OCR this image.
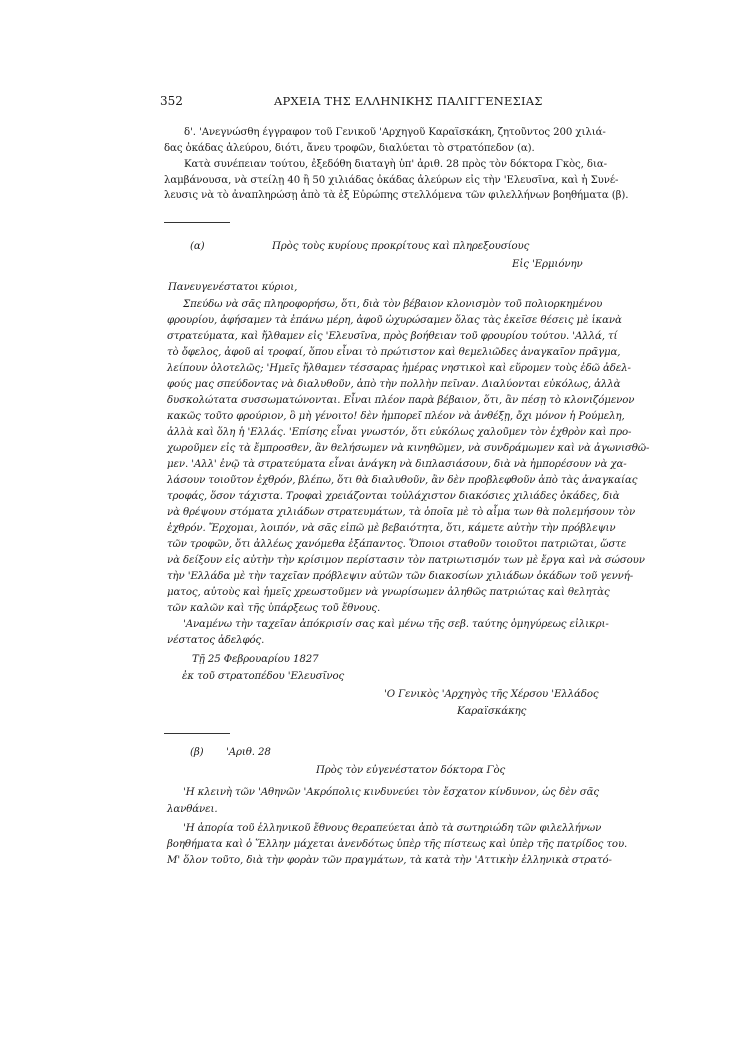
352	ΑΡΧΕΙΑ ΤΗΣ ΕΛΛΗΝΙΚΗΣ ΠΑΛΙΓΓΕΝΕΣΙΑΣ

δ'. 'Ανεγνώσθη έγγραφον τοῦ Γενικοῦ 'Αρχηγοῦ Καραϊσκάκη, ζητοῦντος 200 χιλιά-

δας ὀκάδας ἀλεύρου, διότι, ἄνευ τροφῶν, διαλύεται τὸ στρατόπεδον (α).

Κατὰ συνέπειαν τούτου, ἐξεδόθη διαταγὴ ὑπ' ἀριθ. 28 πρὸς τὸν δόκτορα Γκὸς, δια-

λαμβάνουσα, νὰ στείλῃ 40 ἢ 50 χιλιάδας ὀκάδας ἀλεύρων εἰς τὴν 'Ελευσῖνα, καὶ ἡ Συνέ-

λευσις νὰ τὸ ἀναπληρώσῃ ἀπὸ τὰ ἐξ Εὐρώπης στελλόμενα τῶν φιλελλήνων βοηθήματα (β).

(α)	Πρὸς τοὺς κυρίους προκρίτους καὶ πληρεξουσίους
Εἰς 'Ερμιόνην
Πανευγενέστατοι κύριοι,

Σπεύδω νὰ σᾶς πληροφορήσω, ὅτι, διὰ τὸν βέβαιον κλονισμὸν τοῦ πολιορκημένου

φρουρίου, ἀφήσαμεν τὰ ἐπάνω μέρη, ἀφοῦ ὠχυρώσαμεν ὅλας τὰς ἐκεῖσε θέσεις μὲ ἱκανὰ

στρατεύματα, καὶ ἤλθαμεν εἰς 'Ελευσῖνα, πρὸς βοήθειαν τοῦ φρουρίου τούτου. 'Αλλά, τί

τὸ ὄφελος, ἀφοῦ αἱ τροφαί, ὅπου εἶναι τὸ πρώτιστον καὶ θεμελιῶδες ἀναγκαῖον πρᾶγμα,

λείπουν ὁλοτελῶς; 'Ημεῖς ἤλθαμεν τέσσαρας ἡμέρας νηστικοὶ καὶ εὕρομεν τοὺς ἐδῶ ἀδελ-

φούς μας σπεύδοντας νὰ διαλυθοῦν, ἀπὸ τὴν πολλὴν πεῖναν. Διαλύονται εὐκόλως, ἀλλὰ

δυσκολώτατα συσσωματώνονται. Εἶναι πλέον παρὰ βέβαιον, ὅτι, ἂν πέσῃ τὸ κλονιζόμενον

κακῶς τοῦτο φρούριον, ὃ μὴ γένοιτο! δὲν ἠμπορεῖ πλέον νὰ ἀνθέξῃ, ὄχι μόνον ἡ Ρούμελη,

ἀλλὰ καὶ ὅλη ἡ 'Ελλάς. 'Επίσης εἶναι γνωστόν, ὅτι εὐκόλως χαλοῦμεν τὸν ἐχθρὸν καὶ προ-

χωροῦμεν εἰς τὰ ἔμπροσθεν, ἂν θελήσωμεν νὰ κινηθῶμεν, νὰ συνδράμωμεν καὶ νὰ ἀγωνισθῶ-

μεν. 'Αλλ' ἐνῷ τὰ στρατεύματα εἶναι ἀνάγκη νὰ διπλασιάσουν, διὰ νὰ ἠμπορέσουν νὰ χα-

λάσουν τοιοῦτον ἐχθρόν, βλέπω, ὅτι θὰ διαλυθοῦν, ἂν δὲν προβλεφθοῦν ἀπὸ τὰς ἀναγκαίας

τροφάς, ὅσον τάχιστα. Τροφαὶ χρειάζονται τοὐλάχιστον διακόσιες χιλιάδες ὀκάδες, διὰ

νὰ θρέψουν στόματα χιλιάδων στρατευμάτων, τὰ ὁποῖα μὲ τὸ αἷμα των θὰ πολεμήσουν τὸν

ἐχθρόν. Ἔρχομαι, λοιπόν, νὰ σᾶς εἰπῶ μὲ βεβαιότητα, ὅτι, κάμετε αὐτὴν τὴν πρόβλεψιν

τῶν τροφῶν, ὅτι ἀλλέως χανόμεθα ἐξάπαντος. Ὅποιοι σταθοῦν τοιοῦτοι πατριῶται, ὥστε

νὰ δείξουν εἰς αὐτὴν τὴν κρίσιμον περίστασιν τὸν πατριωτισμόν των μὲ ἔργα καὶ νὰ σώσουν

τὴν 'Ελλάδα μὲ τὴν ταχεῖαν πρόβλεψιν αὐτῶν τῶν διακοσίων χιλιάδων ὀκάδων τοῦ γεννή-

ματος, αὐτοὺς καὶ ἡμεῖς χρεωστοῦμεν νὰ γνωρίσωμεν ἀληθῶς πατριώτας καὶ θελητὰς

τῶν καλῶν καὶ τῆς ὑπάρξεως τοῦ ἔθνους.

'Αναμένω τὴν ταχεῖαν ἀπόκρισίν σας καὶ μένω τῆς σεβ. ταύτης ὁμηγύρεως εἰλικρι-

νέστατος ἀδελφός.

Τῇ 25 Φεβρουαρίου 1827
ἐκ τοῦ στρατοπέδου 'Ελευσῖνος
'Ο Γενικὸς 'Αρχηγὸς τῆς Χέρσου 'Ελλάδος
Καραϊσκάκης
(β) 'Αριθ. 28
Πρὸς τὸν εὐγενέστατον δόκτορα Γὸς

'Η κλεινὴ τῶν 'Αθηνῶν 'Ακρόπολις κινδυνεύει τὸν ἔσχατον κίνδυνον, ὡς δὲν σᾶς

λανθάνει.

'Η ἀπορία τοῦ ἑλληνικοῦ ἔθνους θεραπεύεται ἀπὸ τὰ σωτηριώδη τῶν φιλελλήνων

βοηθήματα καὶ ὁ Ἕλλην μάχεται ἀνενδότως ὑπὲρ τῆς πίστεως καὶ ὑπὲρ τῆς πατρίδος του.

Μ' ὅλον τοῦτο, διὰ τὴν φορὰν τῶν πραγμάτων, τὰ κατὰ τὴν 'Αττικὴν ἑλληνικὰ στρατό-
